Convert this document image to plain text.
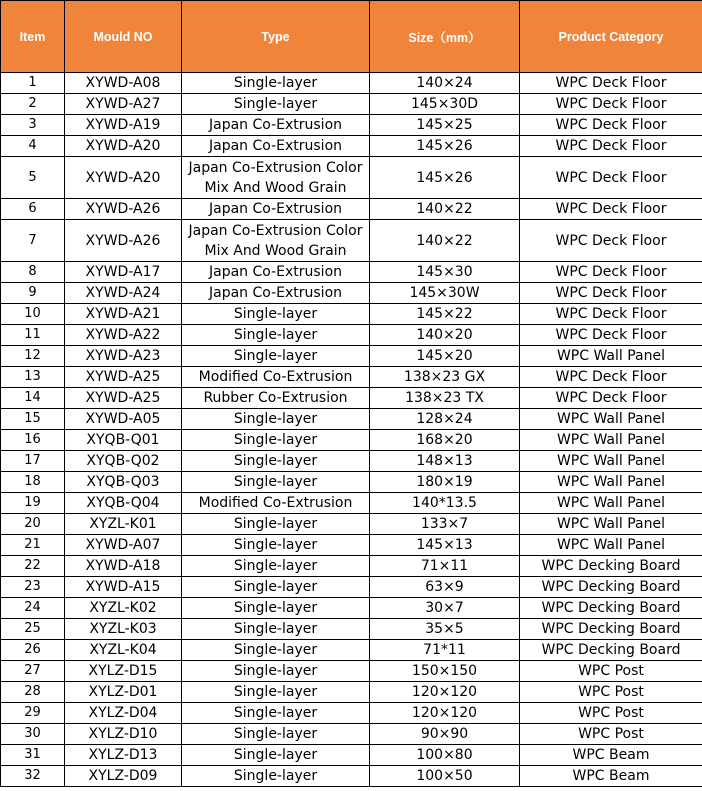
Item	Mould NO	Type	Size（mm）	Product Category
1	XYWD-A08	Single-layer	140×24	WPC Deck Floor
2	XYWD-A27	Single-layer	145×30D	WPC Deck Floor
3	XYWD-A19	Japan Co-Extrusion	145×25	WPC Deck Floor
4	XYWD-A20	Japan Co-Extrusion	145×26	WPC Deck Floor
5	XYWD-A20	Japan Co-Extrusion Color Mix And Wood Grain	145×26	WPC Deck Floor
6	XYWD-A26	Japan Co-Extrusion	140×22	WPC Deck Floor
7	XYWD-A26	Japan Co-Extrusion Color Mix And Wood Grain	140×22	WPC Deck Floor
8	XYWD-A17	Japan Co-Extrusion	145×30	WPC Deck Floor
9	XYWD-A24	Japan Co-Extrusion	145×30W	WPC Deck Floor
10	XYWD-A21	Single-layer	145×22	WPC Deck Floor
11	XYWD-A22	Single-layer	140×20	WPC Deck Floor
12	XYWD-A23	Single-layer	145×20	WPC Wall Panel
13	XYWD-A25	Modified Co-Extrusion	138×23 GX	WPC Deck Floor
14	XYWD-A25	Rubber Co-Extrusion	138×23 TX	WPC Deck Floor
15	XYWD-A05	Single-layer	128×24	WPC Wall Panel
16	XYQB-Q01	Single-layer	168×20	WPC Wall Panel
17	XYQB-Q02	Single-layer	148×13	WPC Wall Panel
18	XYQB-Q03	Single-layer	180×19	WPC Wall Panel
19	XYQB-Q04	Modified Co-Extrusion	140*13.5	WPC Wall Panel
20	XYZL-K01	Single-layer	133×7	WPC Wall Panel
21	XYWD-A07	Single-layer	145×13	WPC Wall Panel
22	XYWD-A18	Single-layer	71×11	WPC Decking Board
23	XYWD-A15	Single-layer	63×9	WPC Decking Board
24	XYZL-K02	Single-layer	30×7	WPC Decking Board
25	XYZL-K03	Single-layer	35×5	WPC Decking Board
26	XYZL-K04	Single-layer	71*11	WPC Decking Board
27	XYLZ-D15	Single-layer	150×150	WPC Post
28	XYLZ-D01	Single-layer	120×120	WPC Post
29	XYLZ-D04	Single-layer	120×120	WPC Post
30	XYLZ-D10	Single-layer	90×90	WPC Post
31	XYLZ-D13	Single-layer	100×80	WPC Beam
32	XYLZ-D09	Single-layer	100×50	WPC Beam
